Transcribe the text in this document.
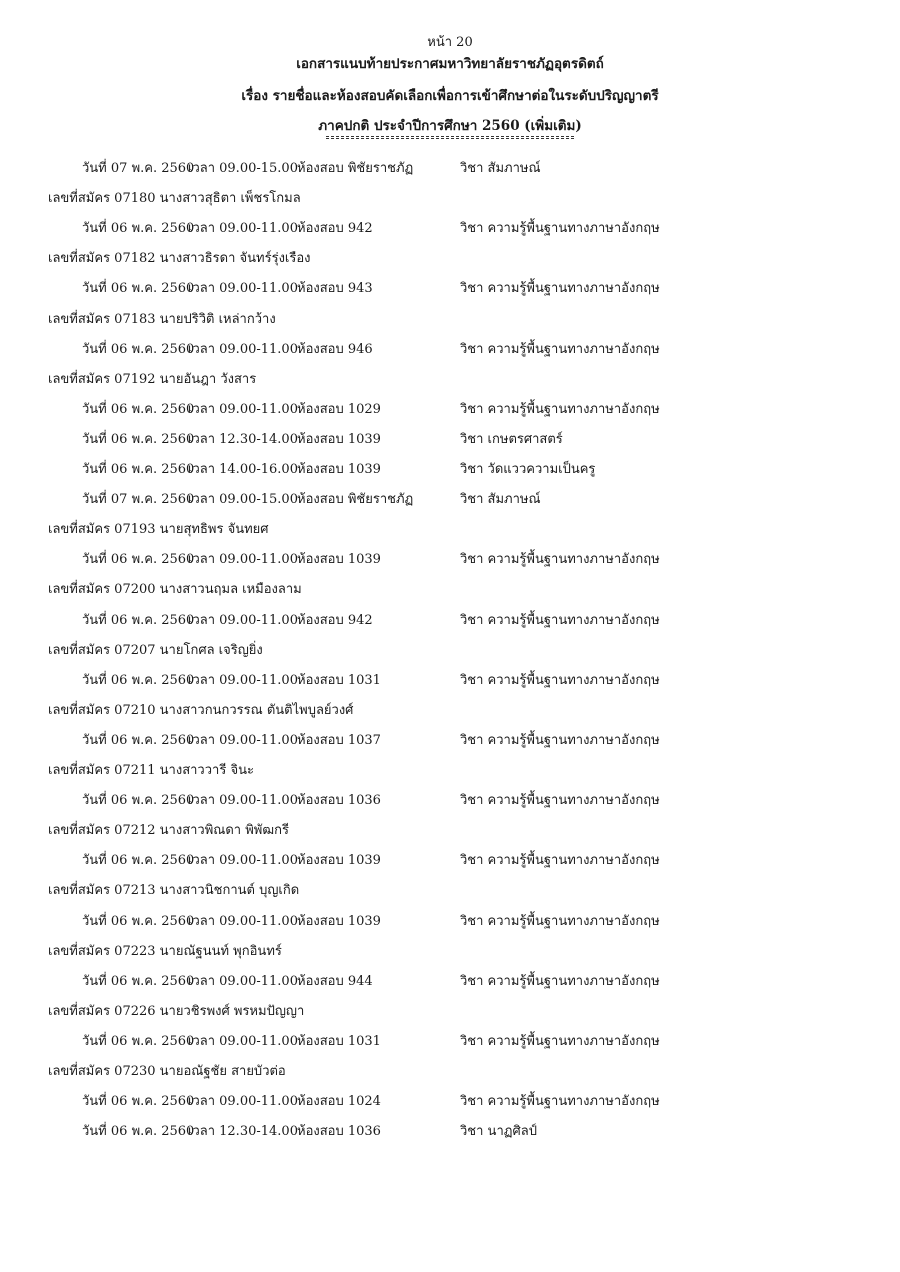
หน้า 20
เอกสารแนบท้ายประกาศมหาวิทยาลัยราชภัฏอุตรดิตถ์
เรื่อง รายชื่อและห้องสอบคัดเลือกเพื่อการเข้าศึกษาต่อในระดับปริญญาตรี
ภาคปกติ ประจำปีการศึกษา 2560 (เพิ่มเติม)
วันที่ 07 พ.ค. 2560
เวลา 09.00-15.00 ห้องสอบ พิชัยราชภัฏ	วิชา สัมภาษณ์
เลขที่สมัคร 07180 นางสาวสุธิตา เพ็ชรโกมล
วันที่ 06 พ.ค. 2560
เวลา 09.00-11.00 ห้องสอบ 942	วิชา ความรู้พื้นฐานทางภาษาอังกฤษ
เลขที่สมัคร 07182 นางสาวธิรดา จันทร์รุ่งเรือง
วันที่ 06 พ.ค. 2560
เวลา 09.00-11.00 ห้องสอบ 943	วิชา ความรู้พื้นฐานทางภาษาอังกฤษ
เลขที่สมัคร 07183 นายปริวิติ เหล่ากว้าง
วันที่ 06 พ.ค. 2560
เวลา 09.00-11.00 ห้องสอบ 946	วิชา ความรู้พื้นฐานทางภาษาอังกฤษ
เลขที่สมัคร 07192 นายอันฎา วังสาร
วันที่ 06 พ.ค. 2560
เวลา 09.00-11.00 ห้องสอบ 1029	วิชา ความรู้พื้นฐานทางภาษาอังกฤษ
วันที่ 06 พ.ค. 2560
เวลา 12.30-14.00 ห้องสอบ 1039	วิชา เกษตรศาสตร์
วันที่ 06 พ.ค. 2560
เวลา 14.00-16.00 ห้องสอบ 1039	วิชา วัดแววความเป็นครู
วันที่ 07 พ.ค. 2560
เวลา 09.00-15.00 ห้องสอบ พิชัยราชภัฏ	วิชา สัมภาษณ์
เลขที่สมัคร 07193 นายสุทธิพร จันทยศ
วันที่ 06 พ.ค. 2560
เวลา 09.00-11.00 ห้องสอบ 1039	วิชา ความรู้พื้นฐานทางภาษาอังกฤษ
เลขที่สมัคร 07200 นางสาวนฤมล เหมืองลาม
วันที่ 06 พ.ค. 2560
เวลา 09.00-11.00 ห้องสอบ 942	วิชา ความรู้พื้นฐานทางภาษาอังกฤษ
เลขที่สมัคร 07207 นายโกศล เจริญยิ่ง
วันที่ 06 พ.ค. 2560
เวลา 09.00-11.00 ห้องสอบ 1031	วิชา ความรู้พื้นฐานทางภาษาอังกฤษ
เลขที่สมัคร 07210 นางสาวกนกวรรณ ตันติไพบูลย์วงศ์
วันที่ 06 พ.ค. 2560
เวลา 09.00-11.00 ห้องสอบ 1037	วิชา ความรู้พื้นฐานทางภาษาอังกฤษ
เลขที่สมัคร 07211 นางสาววารี จินะ
วันที่ 06 พ.ค. 2560
เวลา 09.00-11.00 ห้องสอบ 1036	วิชา ความรู้พื้นฐานทางภาษาอังกฤษ
เลขที่สมัคร 07212 นางสาวพิณดา พิพัฒกรี
วันที่ 06 พ.ค. 2560
เวลา 09.00-11.00 ห้องสอบ 1039	วิชา ความรู้พื้นฐานทางภาษาอังกฤษ
เลขที่สมัคร 07213 นางสาวนิชกานต์ บุญเกิด
วันที่ 06 พ.ค. 2560
เวลา 09.00-11.00 ห้องสอบ 1039	วิชา ความรู้พื้นฐานทางภาษาอังกฤษ
เลขที่สมัคร 07223 นายณัฐนนท์ พุกอินทร์
วันที่ 06 พ.ค. 2560
เวลา 09.00-11.00 ห้องสอบ 944	วิชา ความรู้พื้นฐานทางภาษาอังกฤษ
เลขที่สมัคร 07226 นายวชิรพงศ์ พรหมปัญญา
วันที่ 06 พ.ค. 2560
เวลา 09.00-11.00 ห้องสอบ 1031	วิชา ความรู้พื้นฐานทางภาษาอังกฤษ
เลขที่สมัคร 07230 นายอณัฐชัย สายบัวต่อ
วันที่ 06 พ.ค. 2560
เวลา 09.00-11.00 ห้องสอบ 1024	วิชา ความรู้พื้นฐานทางภาษาอังกฤษ
วันที่ 06 พ.ค. 2560
เวลา 12.30-14.00 ห้องสอบ 1036	วิชา นาฏศิลป์
